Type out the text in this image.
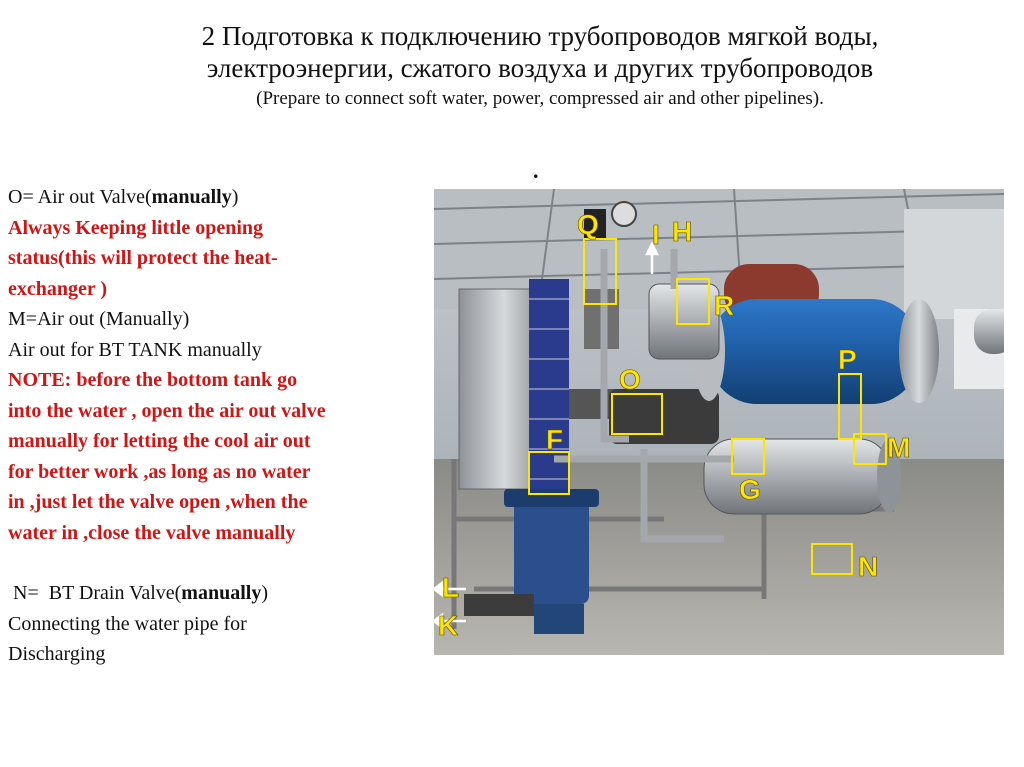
2 Подготовка к подключению трубопроводов мягкой воды,
электроэнергии, сжатого воздуха и других трубопроводов
(Prepare to connect soft water, power, compressed air and other pipelines).
.
O= Air out Valve(manually)
Always Keeping little opening
status(this will protect the heat-
exchanger )
M=Air out (Manually)
Air out for BT TANK manually
NOTE: before the bottom tank go
into the water , open the air out valve
manually for letting the cool air out
for better work ,as long as no water
in ,just let the valve open ,when the
water in ,close the valve manually
N=  BT Drain Valve(manually)
Connecting the water pipe for
Discharging
Q I H
R
P
O
F	M
G
N
L
K
